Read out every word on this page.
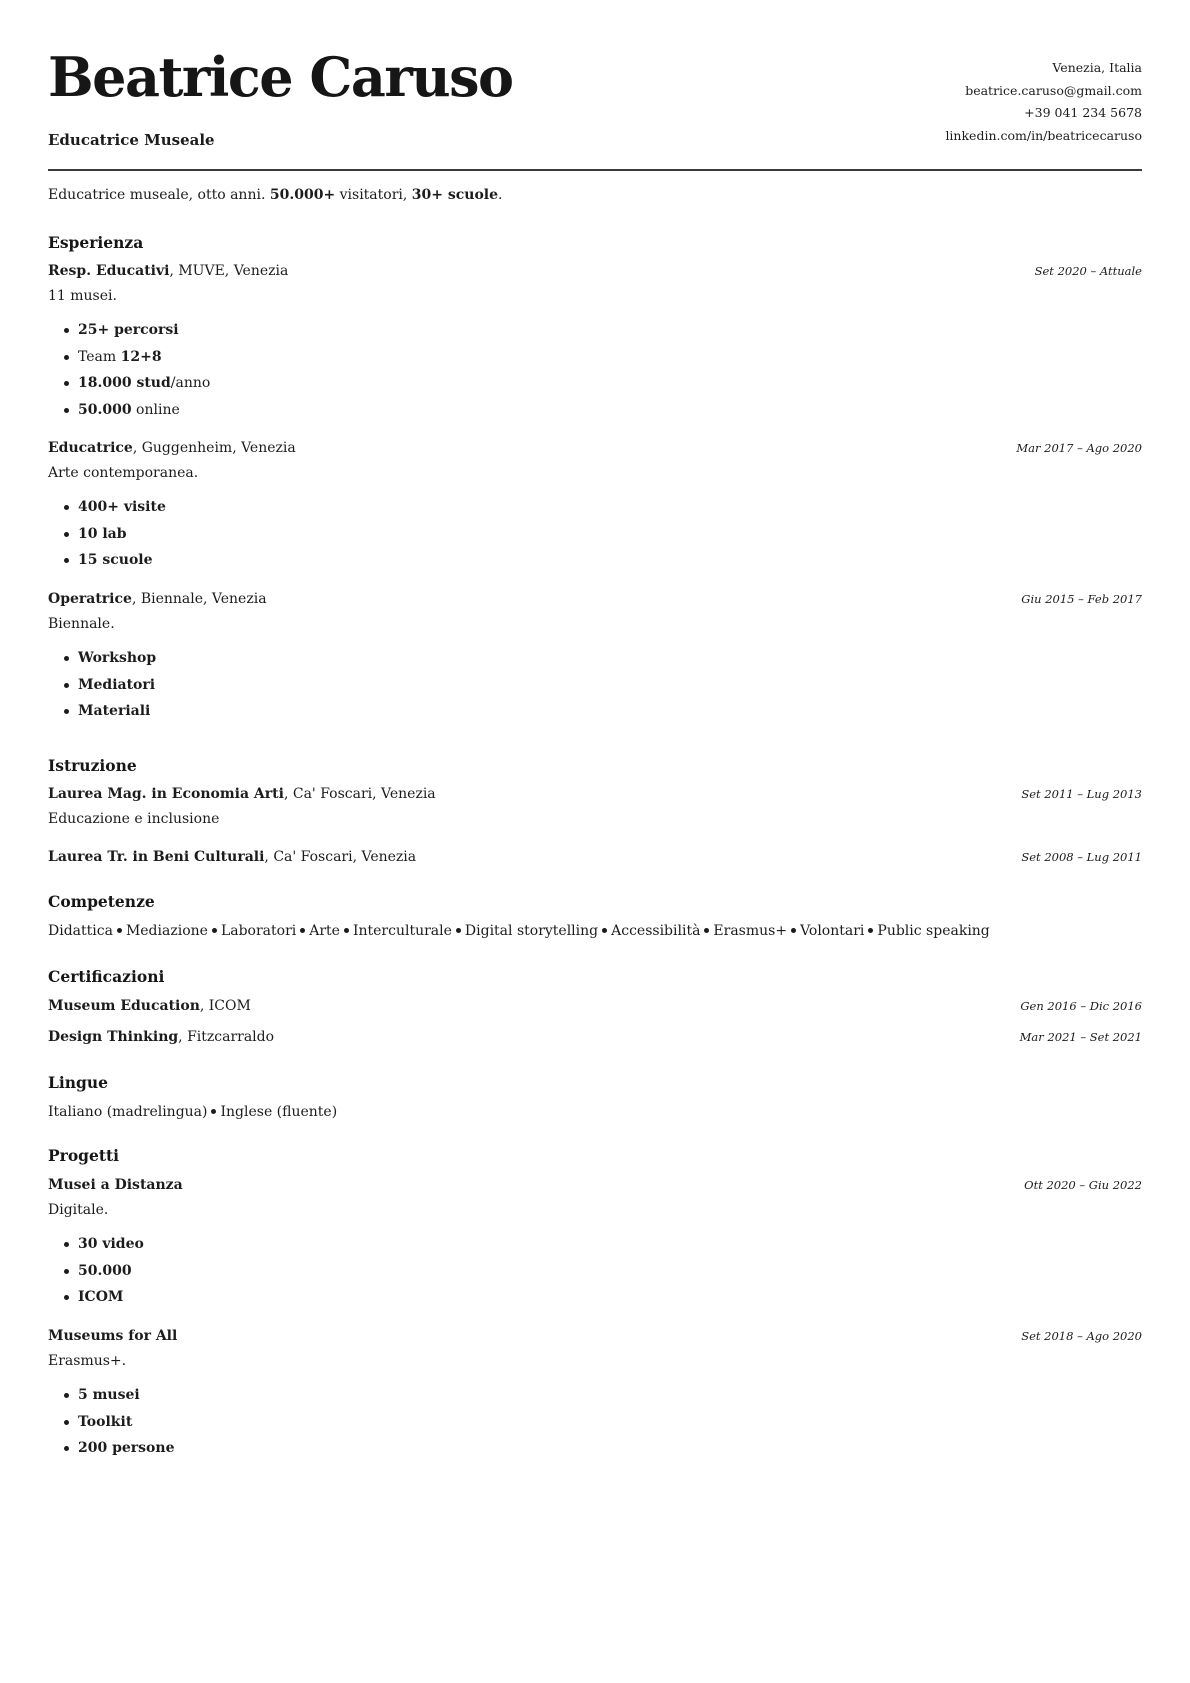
Beatrice Caruso

Educatrice Museale

Venezia, Italia
beatrice.caruso@gmail.com
+39 041 234 5678
linkedin.com/in/beatricecaruso

Educatrice museale, otto anni. 50.000+ visitatori, 30+ scuole.

Esperienza
Resp. Educativi, MUVE, Venezia	Set 2020 – Attuale

11 musei.

25+ percorsi
Team 12+8
18.000 stud/anno
50.000 online
Educatrice, Guggenheim, Venezia	Mar 2017 – Ago 2020

Arte contemporanea.

400+ visite
10 lab
15 scuole
Operatrice, Biennale, Venezia	Giu 2015 – Feb 2017

Biennale.

Workshop
Mediatori
Materiali
Istruzione
Laurea Mag. in Economia Arti, Ca' Foscari, Venezia	Set 2011 – Lug 2013

Educazione e inclusione

Laurea Tr. in Beni Culturali, Ca' Foscari, Venezia	Set 2008 – Lug 2011
Competenze

Didattica Mediazione Laboratori Arte Interculturale Digital storytelling Accessibilità Erasmus+ Volontari Public speaking

Certificazioni
Museum Education, ICOM	Gen 2016 – Dic 2016
Design Thinking, Fitzcarraldo	Mar 2021 – Set 2021
Lingue

Italiano (madrelingua) Inglese (fluente)

Progetti
Musei a Distanza	Ott 2020 – Giu 2022

Digitale.

30 video
50.000
ICOM
Museums for All	Set 2018 – Ago 2020

Erasmus+.

5 musei
Toolkit
200 persone
